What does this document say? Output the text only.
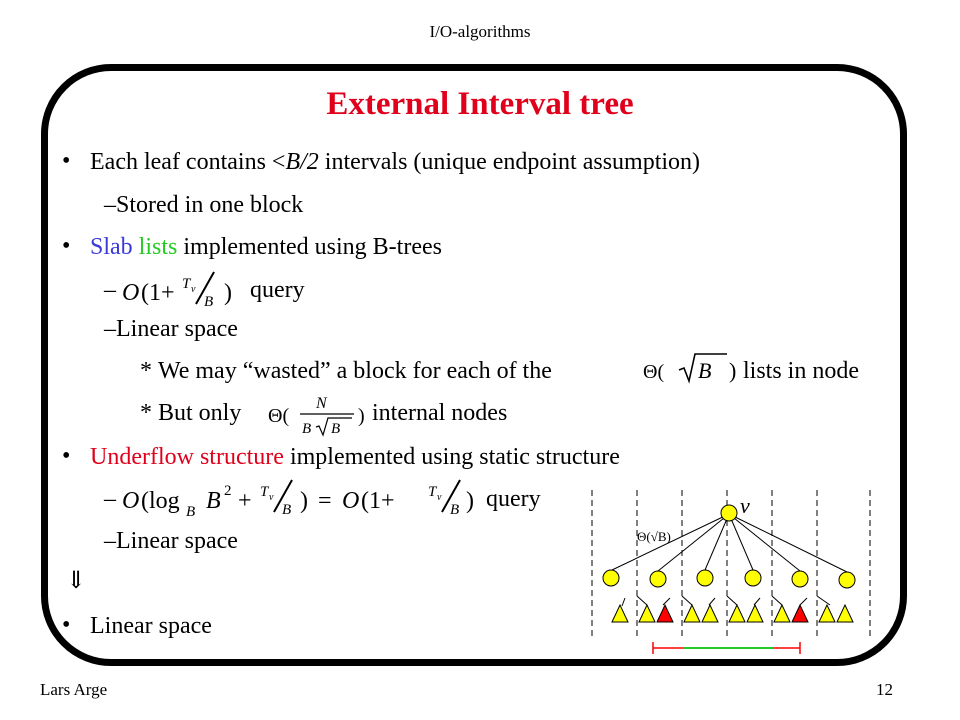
I/O-algorithms
External Interval tree
• Each leaf contains <B/2 intervals (unique endpoint assumption)
–Stored in one block
• Slab lists implemented using B-trees
– O (1+ T v
B ) query
–Linear space
* We may “wasted” a block for each of the	Θ( B ) lists in node
* But only Θ(
N
B B
) internal nodes
• Underflow structure implemented using static structure
– O (log B B 2 + T v
B ) = O (1+ T v
B ) query
–Linear space
⇓
• Linear space
v
Θ(√B)
Lars Arge	12
